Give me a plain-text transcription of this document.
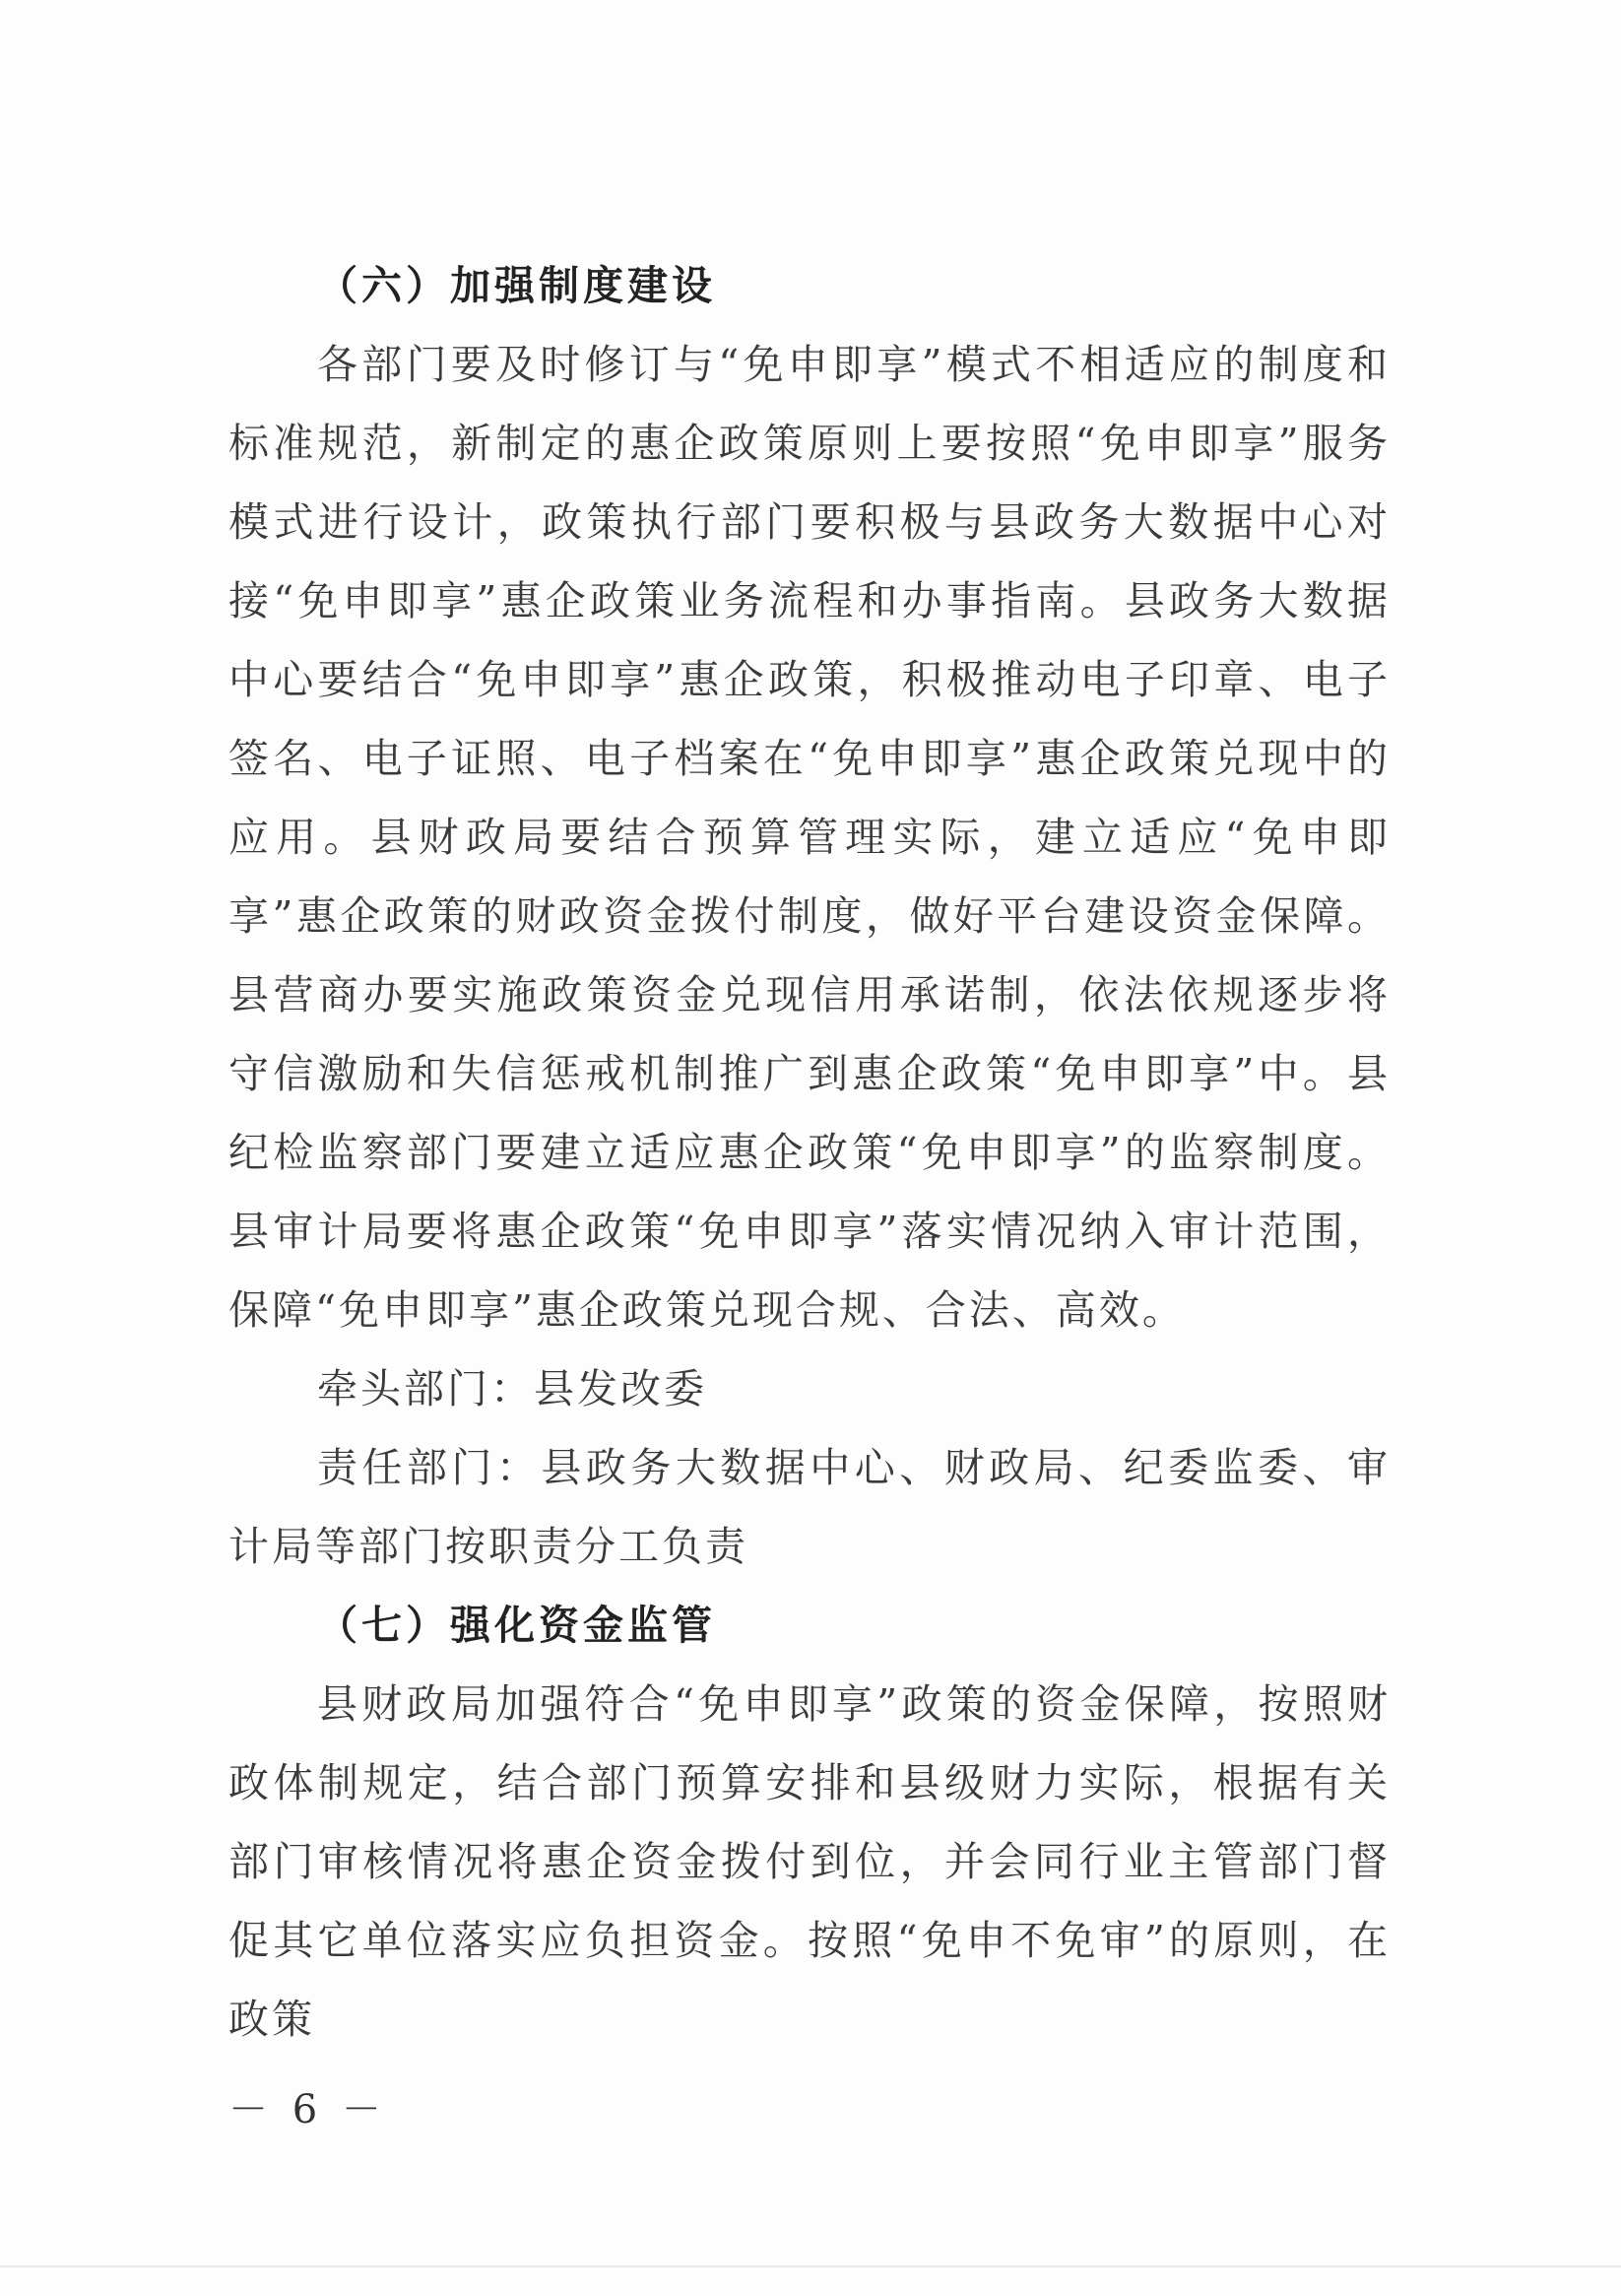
（六）加强制度建设

各部门要及时修订与“免申即享”模式不相适应的制度和标准规范，新制定的惠企政策原则上要按照“免申即享”服务模式进行设计，政策执行部门要积极与县政务大数据中心对接“免申即享”惠企政策业务流程和办事指南。县政务大数据中心要结合“免申即享”惠企政策，积极推动电子印章、电子签名、电子证照、电子档案在“免申即享”惠企政策兑现中的应用。县财政局要结合预算管理实际，建立适应“免申即享”惠企政策的财政资金拨付制度，做好平台建设资金保障。县营商办要实施政策资金兑现信用承诺制，依法依规逐步将守信激励和失信惩戒机制推广到惠企政策“免申即享”中。县纪检监察部门要建立适应惠企政策“免申即享”的监察制度。县审计局要将惠企政策“免申即享”落实情况纳入审计范围，保障“免申即享”惠企政策兑现合规、合法、高效。

牵头部门：县发改委

责任部门：县政务大数据中心、财政局、纪委监委、审计局等部门按职责分工负责

（七）强化资金监管

县财政局加强符合“免申即享”政策的资金保障，按照财政体制规定，结合部门预算安排和县级财力实际，根据有关部门审核情况将惠企资金拨付到位，并会同行业主管部门督促其它单位落实应负担资金。按照“免申不免审”的原则，在政策

－ 6 －
